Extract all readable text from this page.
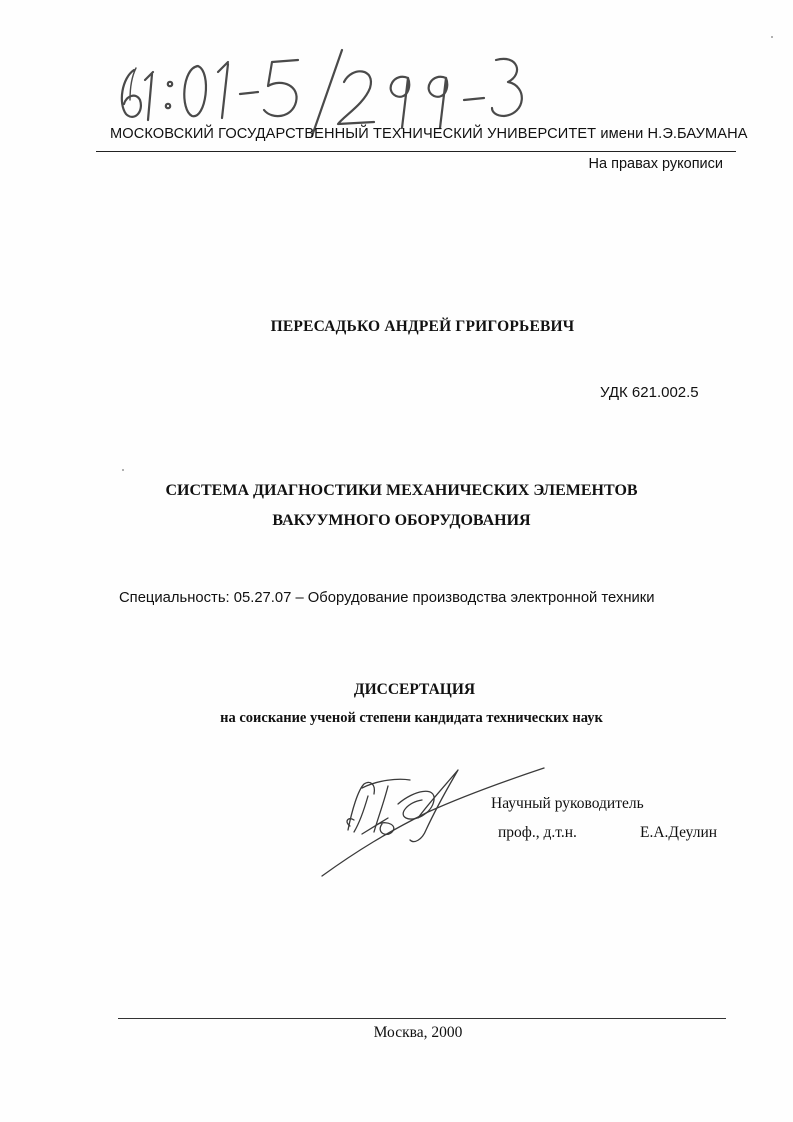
МОСКОВСКИЙ ГОСУДАРСТВЕННЫЙ ТЕХНИЧЕСКИЙ УНИВЕРСИТЕТ имени Н.Э.БАУМАНА
На правах рукописи
ПЕРЕСАДЬКО АНДРЕЙ ГРИГОРЬЕВИЧ
УДК 621.002.5
СИСТЕМА ДИАГНОСТИКИ МЕХАНИЧЕСКИХ ЭЛЕМЕНТОВ
ВАКУУМНОГО ОБОРУДОВАНИЯ
Специальность: 05.27.07 – Оборудование производства электронной техники
ДИССЕРТАЦИЯ
на соискание ученой степени кандидата технических наук
Научный руководитель
проф., д.т.н.	Е.А.Деулин
Москва, 2000
